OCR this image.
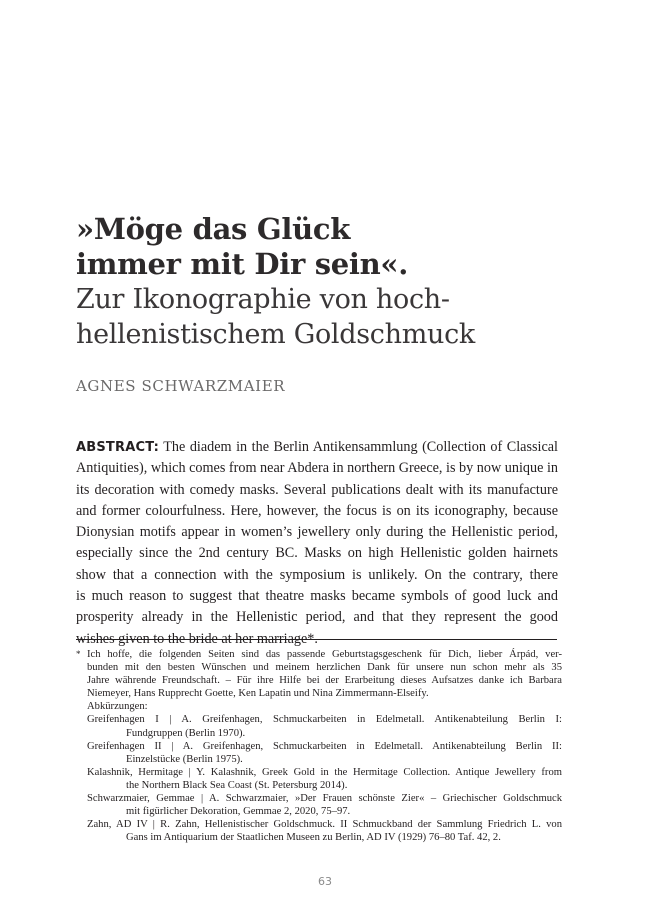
»Möge das Glück
immer mit Dir sein«.
Zur Ikonographie von hoch-
hellenistischem Goldschmuck
AGNES SCHWARZMAIER
ABSTRACT: The diadem in the Berlin Antikensammlung (Collection of Classical
Antiquities), which comes from near Abdera in northern Greece, is by now unique in
its decoration with comedy masks. Several publications dealt with its manufacture
and former colourfulness. Here, however, the focus is on its iconography, because
Dionysian motifs appear in women’s jewellery only during the Hellenistic period,
especially since the 2nd century BC. Masks on high Hellenistic golden hairnets
show that a connection with the symposium is unlikely. On the contrary, there
is much reason to suggest that theatre masks became symbols of good luck and
prosperity already in the Hellenistic period, and that they represent the good
wishes given to the bride at her marriage*.
* Ich hoffe, die folgenden Seiten sind das passende Geburtstagsgeschenk für Dich, lieber Árpád, ver-
bunden mit den besten Wünschen und meinem herzlichen Dank für unsere nun schon mehr als 35
Jahre währende Freundschaft. – Für ihre Hilfe bei der Erarbeitung dieses Aufsatzes danke ich Barbara
Niemeyer, Hans Rupprecht Goette, Ken Lapatin und Nina Zimmermann-Elseify.
Abkürzungen:
Greifenhagen I | A. Greifenhagen, Schmuckarbeiten in Edelmetall. Antikenabteilung Berlin I:
Fundgruppen (Berlin 1970).
Greifenhagen II | A. Greifenhagen, Schmuckarbeiten in Edelmetall. Antikenabteilung Berlin II:
Einzelstücke (Berlin 1975).
Kalashnik, Hermitage | Y. Kalashnik, Greek Gold in the Hermitage Collection. Antique Jewellery from
the Northern Black Sea Coast (St. Petersburg 2014).
Schwarzmaier, Gemmae | A. Schwarzmaier, »Der Frauen schönste Zier« – Griechischer Goldschmuck
mit figürlicher Dekoration, Gemmae 2, 2020, 75–97.
Zahn, AD IV | R. Zahn, Hellenistischer Goldschmuck. II Schmuckband der Sammlung Friedrich L. von
Gans im Antiquarium der Staatlichen Museen zu Berlin, AD IV (1929) 76–80 Taf. 42, 2.
63
